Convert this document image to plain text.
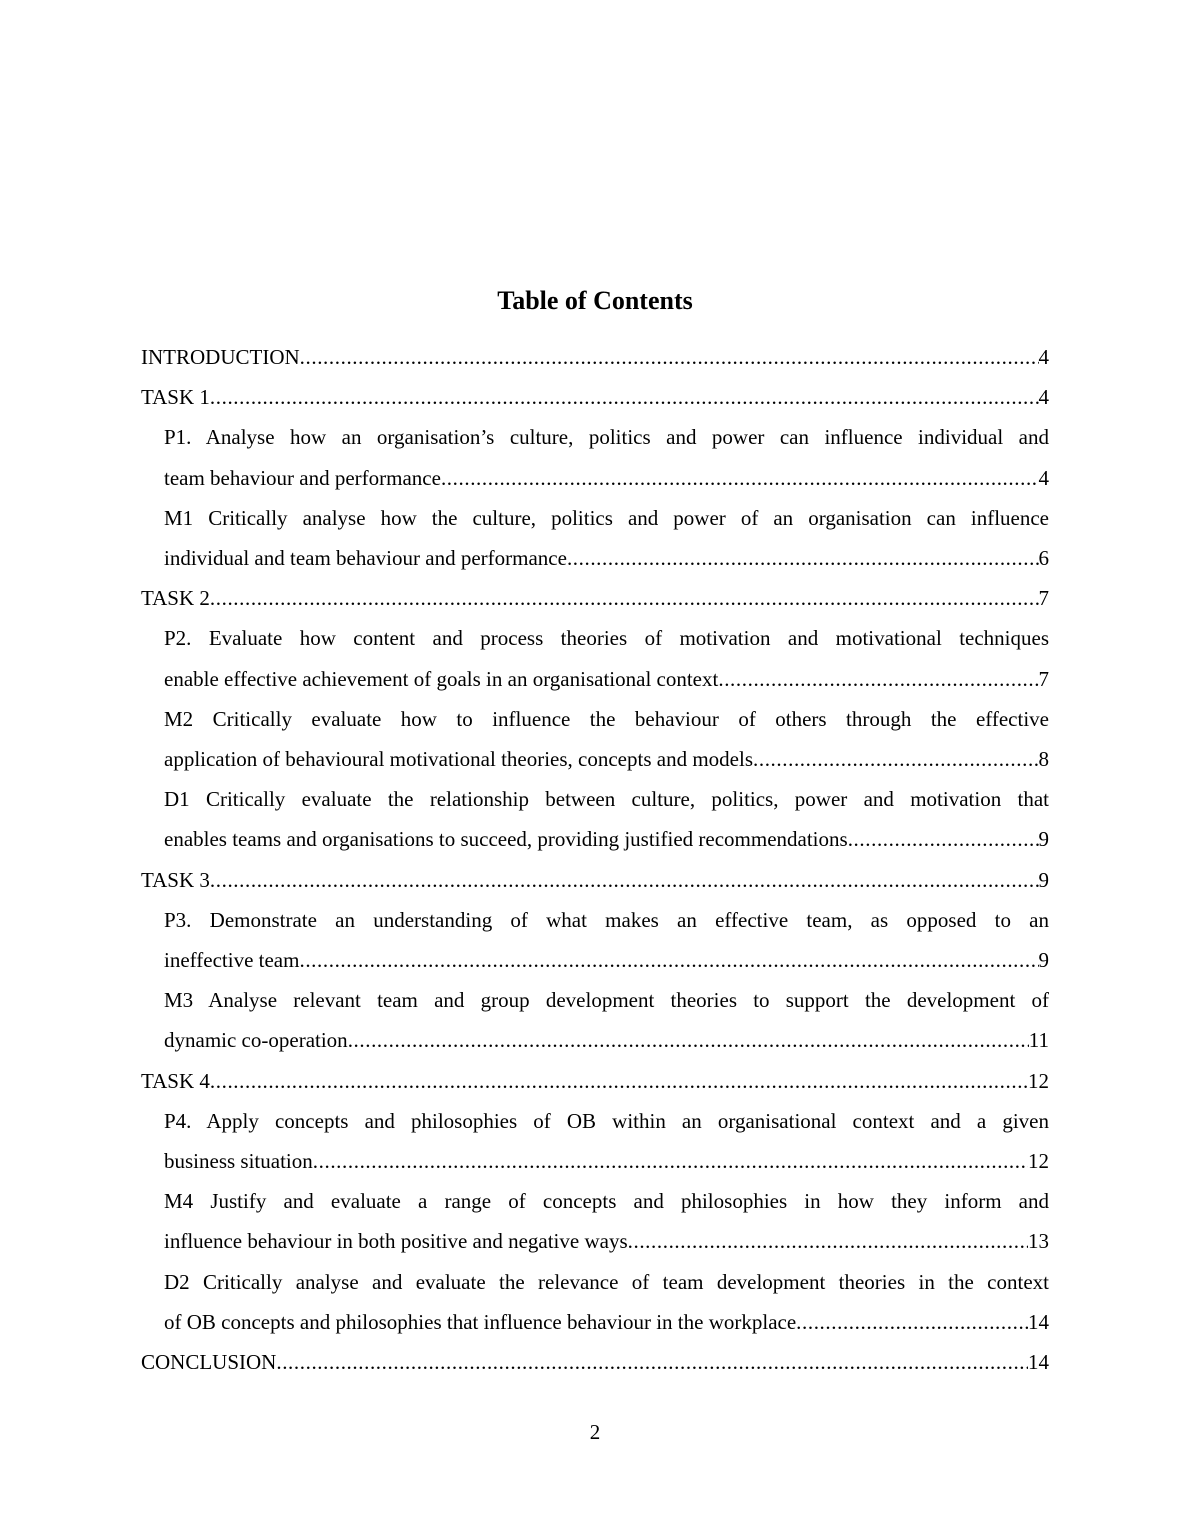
Table of Contents
INTRODUCTION .....	4
TASK 1 .....	4
P1. Analyse how an organisation’s culture, politics and power can influence individual and
team behaviour and performance .....	4
M1 Critically analyse how the culture, politics and power of an organisation can influence
individual and team behaviour and performance .....	6
TASK 2 .....	7
P2. Evaluate how content and process theories of motivation and motivational techniques
enable effective achievement of goals in an organisational context .....	7
M2 Critically evaluate how to influence the behaviour of others through the effective
application of behavioural motivational theories, concepts and models .....	8
D1 Critically evaluate the relationship between culture, politics, power and motivation that
enables teams and organisations to succeed, providing justified recommendations .....	9
TASK 3 .....	9
P3. Demonstrate an understanding of what makes an effective team, as opposed to an
ineffective team .....	9
M3 Analyse relevant team and group development theories to support the development of
dynamic co-operation .....	11
TASK 4 .....	12
P4. Apply concepts and philosophies of OB within an organisational context and a given
business situation .....	12
M4 Justify and evaluate a range of concepts and philosophies in how they inform and
influence behaviour in both positive and negative ways .....	13
D2 Critically analyse and evaluate the relevance of team development theories in the context
of OB concepts and philosophies that influence behaviour in the workplace .....	14
CONCLUSION .....	14
2
